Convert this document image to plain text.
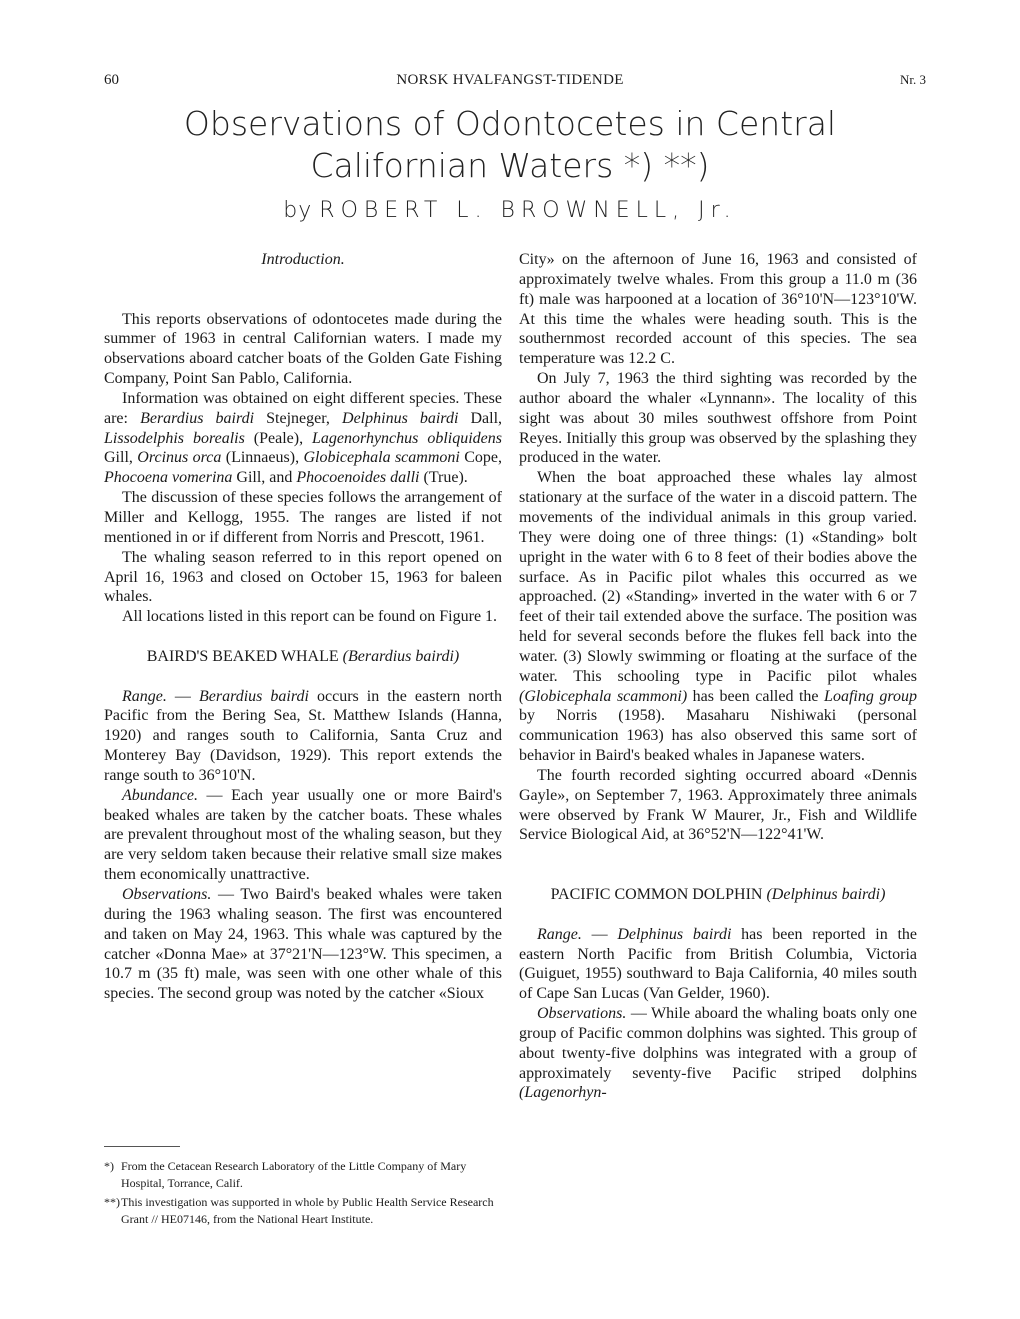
60	NORSK HVALFANGST-TIDENDE	Nr. 3
Observations of Odontocetes in Central
Californian Waters *) **)
by ROBERT L. BROWNELL, Jr.

Introduction.

This reports observations of odontocetes made during the summer of 1963 in central Californian waters. I made my observations aboard catcher boats of the Golden Gate Fishing Company, Point San Pablo, California.

Information was obtained on eight different species. These are: Berardius bairdi Stejneger, Delphinus bairdi Dall, Lissodelphis borealis (Peale), Lagenorhynchus obliquidens Gill, Orcinus orca (Linnaeus), Globicephala scammoni Cope, Phocoena vomerina Gill, and Phocoenoides dalli (True).

The discussion of these species follows the arrangement of Miller and Kellogg, 1955. The ranges are listed if not mentioned in or if different from Norris and Prescott, 1961.

The whaling season referred to in this report opened on April 16, 1963 and closed on October 15, 1963 for baleen whales.

All locations listed in this report can be found on Figure 1.

BAIRD'S BEAKED WHALE (Berardius bairdi)

Range. — Berardius bairdi occurs in the eastern north Pacific from the Bering Sea, St. Matthew Islands (Hanna, 1920) and ranges south to California, Santa Cruz and Monterey Bay (Davidson, 1929). This report extends the range south to 36°10'N.

Abundance. — Each year usually one or more Baird's beaked whales are taken by the catcher boats. These whales are prevalent throughout most of the whaling season, but they are very seldom taken because their relative small size makes them economically unattractive.

Observations. — Two Baird's beaked whales were taken during the 1963 whaling season. The first was encountered and taken on May 24, 1963. This whale was captured by the catcher «Donna Mae» at 37°21'N—123°W. This specimen, a 10.7 m (35 ft) male, was seen with one other whale of this species. The second group was noted by the catcher «Sioux

*) From the Cetacean Research Laboratory of the Little Company of Mary Hospital, Torrance, Calif.
**) This investigation was supported in whole by Public Health Service Research Grant // HE07146, from the National Heart Institute.

City» on the afternoon of June 16, 1963 and consisted of approximately twelve whales. From this group a 11.0 m (36 ft) male was harpooned at a location of 36°10'N—123°10'W. At this time the whales were heading south. This is the southernmost recorded account of this species. The sea temperature was 12.2 C.

On July 7, 1963 the third sighting was recorded by the author aboard the whaler «Lynnann». The locality of this sight was about 30 miles southwest offshore from Point Reyes. Initially this group was observed by the splashing they produced in the water.

When the boat approached these whales lay almost stationary at the surface of the water in a discoid pattern. The movements of the individual animals in this group varied. They were doing one of three things: (1) «Standing» bolt upright in the water with 6 to 8 feet of their bodies above the surface. As in Pacific pilot whales this occurred as we approached. (2) «Standing» inverted in the water with 6 or 7 feet of their tail extended above the surface. The position was held for several seconds before the flukes fell back into the water. (3) Slowly swimming or floating at the surface of the water. This schooling type in Pacific pilot whales (Globicephala scammoni) has been called the Loafing group by Norris (1958). Masaharu Nishiwaki (personal communication 1963) has also observed this same sort of behavior in Baird's beaked whales in Japanese waters.

The fourth recorded sighting occurred aboard «Dennis Gayle», on September 7, 1963. Approximately three animals were observed by Frank W Maurer, Jr., Fish and Wildlife Service Biological Aid, at 36°52'N—122°41'W.

PACIFIC COMMON DOLPHIN (Delphinus bairdi)

Range. — Delphinus bairdi has been reported in the eastern North Pacific from British Columbia, Victoria (Guiguet, 1955) southward to Baja California, 40 miles south of Cape San Lucas (Van Gelder, 1960).

Observations. — While aboard the whaling boats only one group of Pacific common dolphins was sighted. This group of about twenty-five dolphins was integrated with a group of approximately seventy-five Pacific striped dolphins (Lagenorhyn-
